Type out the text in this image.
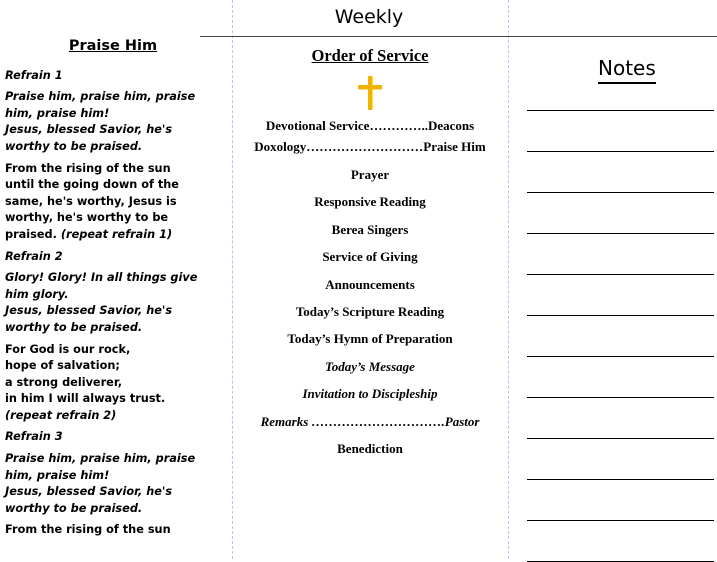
Weekly
Praise Him

Refrain 1

Praise him, praise him, praise him, praise him!
Jesus, blessed Savior, he's worthy to be praised.

From the rising of the sun
until the going down of the same, he's worthy, Jesus is worthy, he's worthy to be praised. (repeat refrain 1)

Refrain 2

Glory! Glory! In all things give him glory.
Jesus, blessed Savior, he's worthy to be praised.

For God is our rock,
hope of salvation;
a strong deliverer,
in him I will always trust. (repeat refrain 2)

Refrain 3

Praise him, praise him, praise him, praise him!
Jesus, blessed Savior, he's worthy to be praised.

From the rising of the sun

Order of Service
Devotional Service…………..Deacons
Doxology………………………Praise Him
Prayer
Responsive Reading
Berea Singers
Service of Giving
Announcements
Today’s Scripture Reading
Today’s Hymn of Preparation
Today’s Message
Invitation to Discipleship
Remarks ………………………….Pastor
Benediction
Notes
